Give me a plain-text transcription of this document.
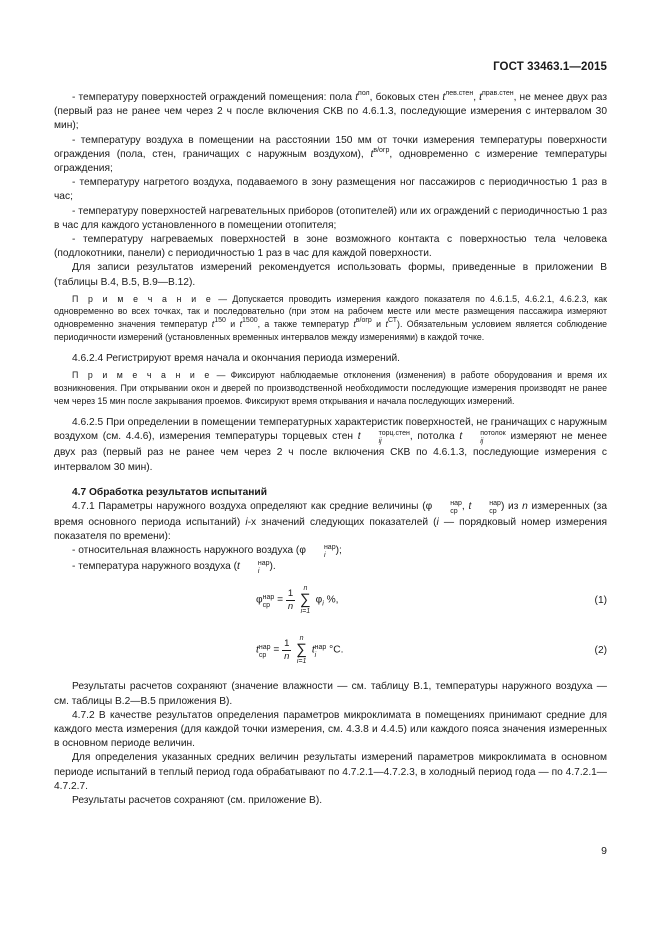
ГОСТ 33463.1—2015

- температуру поверхностей ограждений помещения: пола $t^{пол}$, боковых стен $t^{лев.стен}$, $t^{прав.стен}$, не менее двух раз (первый раз не ранее чем через 2 ч после включения СКВ по 4.6.1.3, последующие измерения с интервалом 30 мин);

- температуру воздуха в помещении на расстоянии 150 мм от точки измерения температуры поверхности ограждения (пола, стен, граничащих с наружным воздухом), $t^{в/огр}$, одновременно с измерение температуры ограждения;

- температуру нагретого воздуха, подаваемого в зону размещения ног пассажиров с периодичностью 1 раз в час;

- температуру поверхностей нагревательных приборов (отопителей) или их ограждений с периодичностью 1 раз в час для каждого установленного в помещении отопителя;

- температуру нагреваемых поверхностей в зоне возможного контакта с поверхностью тела человека (подлокотники, панели) с периодичностью 1 раз в час для каждой поверхности.

Для записи результатов измерений рекомендуется использовать формы, приведенные в приложении В (таблицы В.4, В.5, В.9—В.12).

П р и м е ч а н и е — Допускается проводить измерения каждого показателя по 4.6.1.5, 4.6.2.1, 4.6.2.3, как одновременно во всех точках, так и последовательно (при этом на рабочем месте или месте размещения пассажира измеряют одновременно значения температур $t^{150}$ и $t^{1500}$, а также температур $t^{в/огр}$ и $t^{СТ}$). Обязательным условием является соблюдение периодичности измерений (установленных временных интервалов между измерениями) в каждой точке.

4.6.2.4 Регистрируют время начала и окончания периода измерений.

П р и м е ч а н и е — Фиксируют наблюдаемые отклонения (изменения) в работе оборудования и время их возникновения. При открывании окон и дверей по производственной необходимости последующие измерения производят не ранее чем через 15 мин после закрывания проемов. Фиксируют время открывания и начала последующих измерений.

4.6.2.5 При определении в помещении температурных характеристик поверхностей, не граничащих с наружным воздухом (см. 4.4.6), измерения температуры торцевых стен t	торц.стен
ij	, потолка t	потолок
ij	измеряют не менее двух раз (первый раз не ранее чем через 2 ч после включения СКВ по 4.6.1.3, последующие измерения с интервалом 30 мин).

4.7 Обработка результатов испытаний

4.7.1 Параметры наружного воздуха определяют как средние величины (φ	нар
ср , t	нар
ср ) из n измеренных (за время основного периода испытаний) i-х значений следующих показателей (i — порядковый номер измерения показателя по времени):

- относительная влажность наружного воздуха (φ	нар
i );

- температура наружного воздуха (t	нар
i ).

φ нар
ср = $\frac{1}{n}$
n
∑
i=1
$\varphi_i$ %,	(1)
t нар
ср = $\frac{1}{n}$
n
∑
i=1
t нар
i °С.	(2)

Результаты расчетов сохраняют (значение влажности — см. таблицу В.1, температуры наружного воздуха — см. таблицы В.2—В.5 приложения В).

4.7.2 В качестве результатов определения параметров микроклимата в помещениях принимают средние для каждого места измерения (для каждой точки измерения, см. 4.3.8 и 4.4.5) или каждого пояса значения измеренных в основном периоде величин.

Для определения указанных средних величин результаты измерений параметров микроклимата в основном периоде испытаний в теплый период года обрабатывают по 4.7.2.1—4.7.2.3, в холодный период года — по 4.7.2.1—4.7.2.7.

Результаты расчетов сохраняют (см. приложение В).

9
